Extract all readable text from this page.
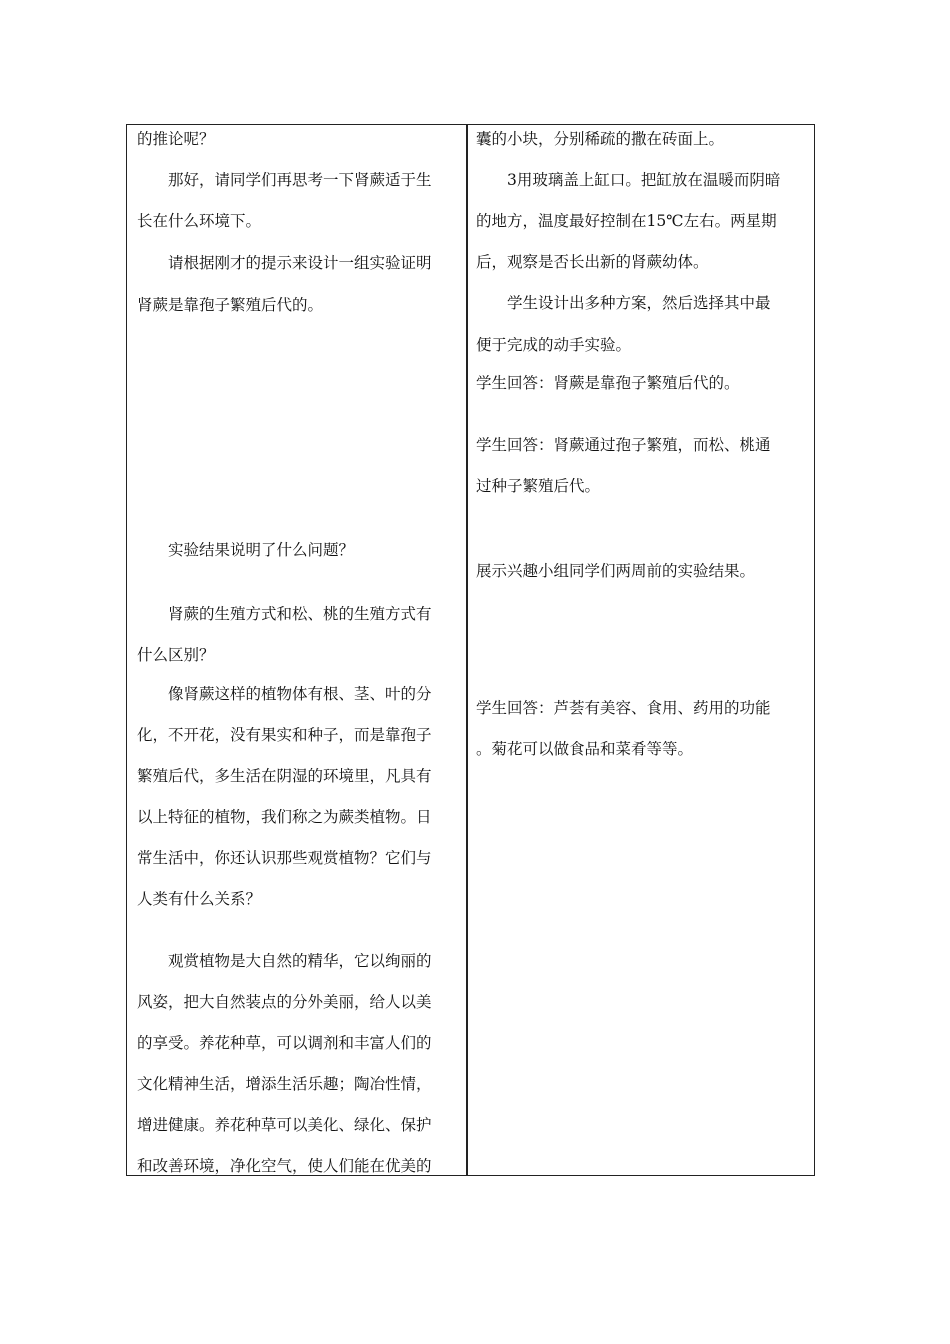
的推论呢？
　　那好，请同学们再思考一下肾蕨适于生
长在什么环境下。
　　请根据刚才的提示来设计一组实验证明
肾蕨是靠孢子繁殖后代的。
　　实验结果说明了什么问题？
　　肾蕨的生殖方式和松、桃的生殖方式有
什么区别？
　　像肾蕨这样的植物体有根、茎、叶的分
化，不开花，没有果实和种子，而是靠孢子
繁殖后代，多生活在阴湿的环境里，凡具有
以上特征的植物，我们称之为蕨类植物。日
常生活中，你还认识那些观赏植物？它们与
人类有什么关系？
　　观赏植物是大自然的精华，它以绚丽的
风姿，把大自然装点的分外美丽，给人以美
的享受。养花种草，可以调剂和丰富人们的
文化精神生活，增添生活乐趣；陶冶性情，
增进健康。养花种草可以美化、绿化、保护
和改善环境，净化空气，使人们能在优美的
囊的小块，分别稀疏的撒在砖面上。
　　3用玻璃盖上缸口。把缸放在温暖而阴暗
的地方，温度最好控制在15℃左右。两星期
后，观察是否长出新的肾蕨幼体。
　　学生设计出多种方案，然后选择其中最
便于完成的动手实验。
学生回答：肾蕨是靠孢子繁殖后代的。
学生回答：肾蕨通过孢子繁殖，而松、桃通
过种子繁殖后代。
展示兴趣小组同学们两周前的实验结果。
学生回答：芦荟有美容、食用、药用的功能
。菊花可以做食品和菜肴等等。
